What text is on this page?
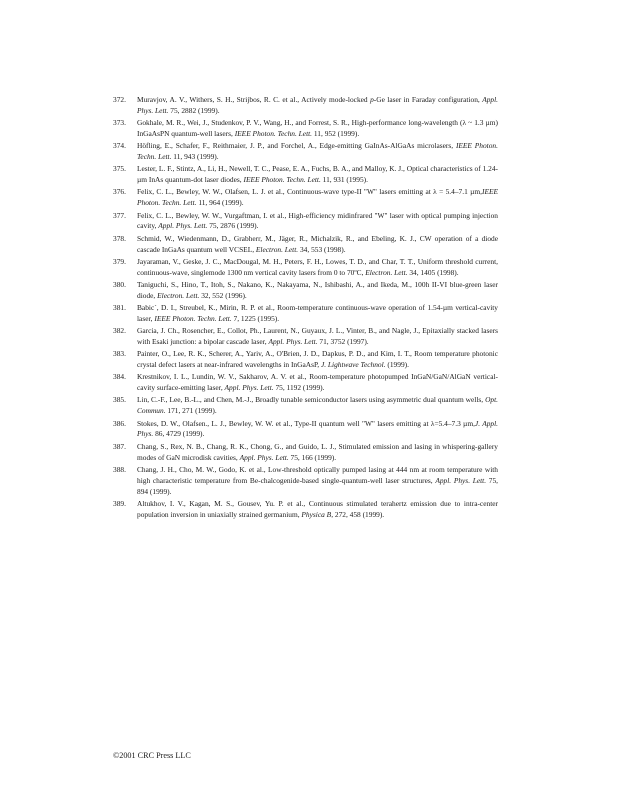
372.	Muravjov, A. V., Withers, S. H., Strijbos, R. C. et al., Actively mode-locked p-Ge laser in Faraday configuration, Appl. Phys. Lett. 75, 2882 (1999).
373.	Gokhale, M. R., Wei, J., Studenkov, P. V., Wang, H., and Forrest, S. R., High-performance long-wavelength (λ ~ 1.3 µm) InGaAsPN quantum-well lasers, IEEE Photon. Techn. Lett. 11, 952 (1999).
374.	Höfling, E., Schafer, F., Reithmaier, J. P., and Forchel, A., Edge-emitting GaInAs-AlGaAs microlasers, IEEE Photon. Techn. Lett. 11, 943 (1999).
375.	Lester, L. F., Stintz, A., Li, H., Newell, T. C., Pease, E. A., Fuchs, B. A., and Malloy, K. J., Optical characteristics of 1.24-µm InAs quantum-dot laser diodes, IEEE Photon. Techn. Lett. 11, 931 (1995).
376.	Felix, C. L., Bewley, W. W., Olafsen, L. J. et al., Continuous-wave type-II "W" lasers emitting at λ = 5.4–7.1 µm,IEEE Photon. Techn. Lett. 11, 964 (1999).
377.	Felix, C. L., Bewley, W. W., Vurgaftman, I. et al., High-efficiency midinfrared "W" laser with optical pumping injection cavity, Appl. Phys. Lett. 75, 2876 (1999).
378.	Schmid, W., Wiedenmann, D., Grabherr, M., Jäger, R., Michalzik, R., and Ebeling, K. J., CW operation of a diode cascade InGaAs quantum well VCSEL, Electron. Lett. 34, 553 (1998).
379.	Jayaraman, V., Geske, J. C., MacDougal, M. H., Peters, F. H., Lowes, T. D., and Char, T. T., Uniform threshold current, continuous-wave, singlemode 1300 nm vertical cavity lasers from 0 to 70ºC, Electron. Lett. 34, 1405 (1998).
380.	Taniguchi, S., Hino, T., Itoh, S., Nakano, K., Nakayama, N., Ishibashi, A., and Ikeda, M., 100h II-VI blue-green laser diode, Electron. Lett. 32, 552 (1996).
381.	Babic´, D. I., Streubel, K., Mirin, R. P. et al., Room-temperature continuous-wave operation of 1.54-µm vertical-cavity laser, IEEE Photon. Techn. Lett. 7, 1225 (1995).
382.	Garcia, J. Ch., Rosencher, E., Collot, Ph., Laurent, N., Guyaux, J. L., Vinter, B., and Nagle, J., Epitaxially stacked lasers with Esaki junction: a bipolar cascade laser, Appl. Phys. Lett. 71, 3752 (1997).
383.	Painter, O., Lee, R. K., Scherer, A., Yariv, A., O'Brien, J. D., Dapkus, P. D., and Kim, I. T., Room temperature photonic crystal defect lasers at near-infrared wavelengths in InGaAsP, J. Lightwave Technol. (1999).
384.	Krestnikov, I. L., Lundin, W. V., Sakharov, A. V. et al., Room-temperature photopumped InGaN/GaN/AlGaN vertical-cavity surface-emitting laser, Appl. Phys. Lett. 75, 1192 (1999).
385.	Lin, C.-F., Lee, B.-L., and Chen, M.-J., Broadly tunable semiconductor lasers using asymmetric dual quantum wells, Opt. Commun. 171, 271 (1999).
386.	Stokes, D. W., Olafsen., L. J., Bewley, W. W. et al., Type-II quantum well "W" lasers emitting at λ=5.4–7.3 µm,J. Appl. Phys. 86, 4729 (1999).
387.	Chang, S., Rex, N. B., Chang, R. K., Chong, G., and Guido, L. J., Stimulated emission and lasing in whispering-gallery modes of GaN microdisk cavities, Appl. Phys. Lett. 75, 166 (1999).
388.	Chang, J. H., Cho, M. W., Godo, K. et al., Low-threshold optically pumped lasing at 444 nm at room temperature with high characteristic temperature from Be-chalcogenide-based single-quantum-well laser structures, Appl. Phys. Lett. 75, 894 (1999).
389.	Altukhov, I. V., Kagan, M. S., Gousev, Yu. P. et al., Continuous stimulated terahertz emission due to intra-center population inversion in uniaxially strained germanium, Physica B, 272, 458 (1999).
©2001 CRC Press LLC
